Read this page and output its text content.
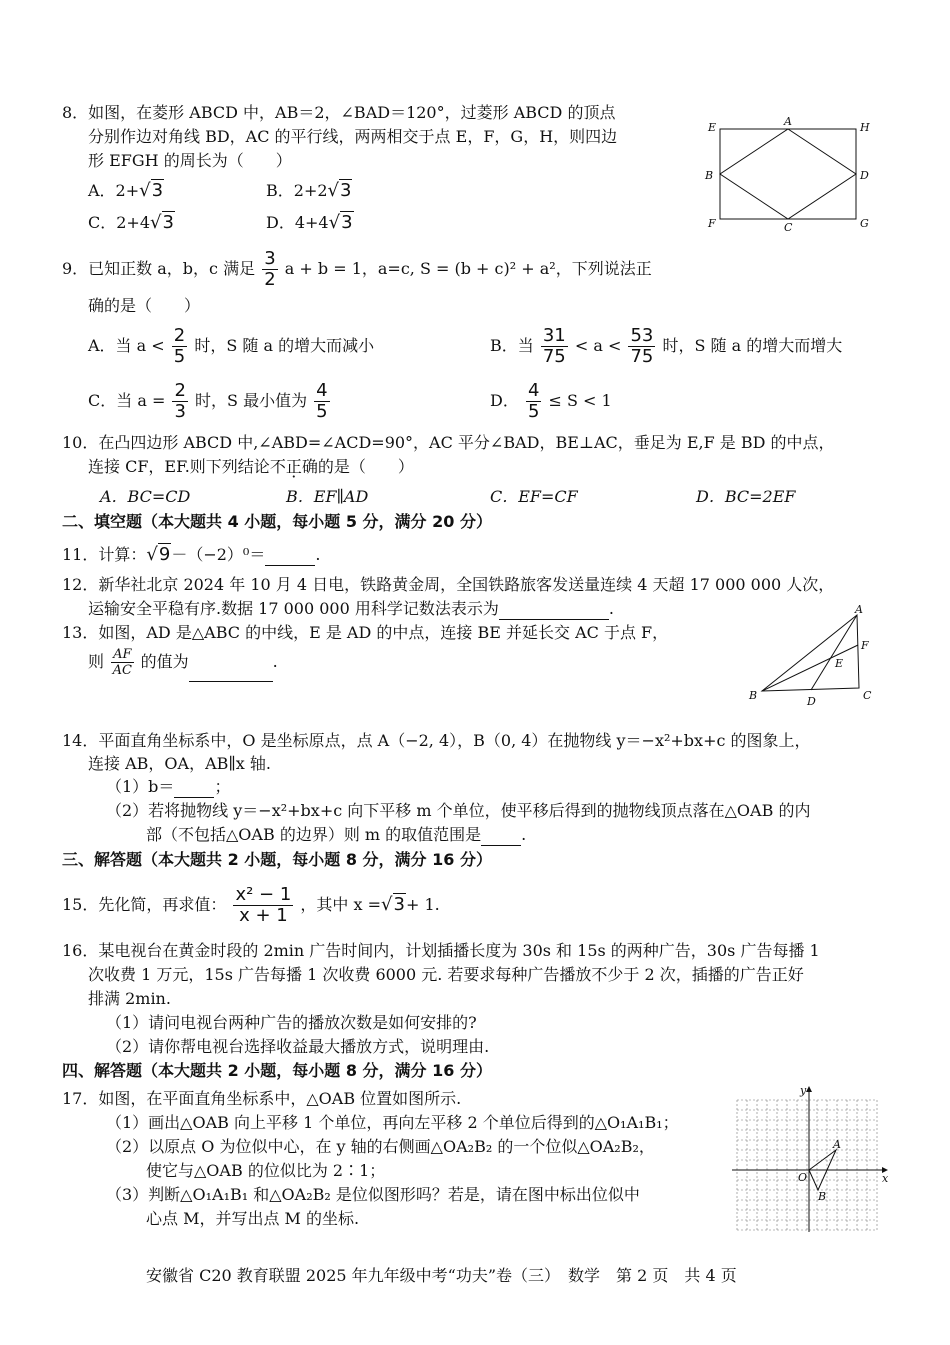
8．如图，在菱形 ABCD 中，AB＝2，∠BAD＝120°，过菱形 ABCD 的顶点
分别作边对角线 BD，AC 的平行线，两两相交于点 E，F，G，H，则四边
形 EFGH 的周长为（　　）
A．2+√3	B．2+2√3
C．2+4√3	D．4+4√3
E	A	H
B	D
F	C	G
9．已知正数 a，b，c 满足 $\frac{3}{2}$ a + b = 1，a=c, S = (b + c)² + a²，下列说法正
确的是（　　）
A．当 $a < \frac{2}{5}$ 时，S 随 a 的增大而减小	B．当 $\frac{31}{75} < a < \frac{53}{75}$ 时，S 随 a 的增大而增大
C．当 $a = \frac{2}{3}$ 时，S 最小值为 $\frac{4}{5}$	D． $\frac{4}{5} \le S < 1$
10．在凸四边形 ABCD 中,∠ABD=∠ACD=90°，AC 平分∠BAD，BE⊥AC，垂足为 E,F 是 BD 的中点，
连接 CF，EF.则下列结论不正确的是（　　）
A．BC=CD	B．EF∥AD	C．EF=CF	D．BC=2EF
二、填空题（本大题共 4 小题，每小题 5 分，满分 20 分）
11．计算：√9－（−2）⁰＝	.
12．新华社北京 2024 年 10 月 4 日电，铁路黄金周，全国铁路旅客发送量连续 4 天超 17 000 000 人次，
运输安全平稳有序.数据 17 000 000 用科学记数法表示为	.
13．如图，AD 是△ABC 的中线，E 是 AD 的中点，连接 BE 并延长交 AC 于点 F，
则 $\frac{AF}{AC}$ 的值为	.
A
F
E
B	D	C
14．平面直角坐标系中，O 是坐标原点，点 A（−2, 4），B（0, 4）在抛物线 y＝−x²+bx+c 的图象上，
连接 AB，OA，AB∥x 轴.
（1）b＝	；
（2）若将抛物线 y＝−x²+bx+c 向下平移 m 个单位，使平移后得到的抛物线顶点落在△OAB 的内
部（不包括△OAB 的边界）则 m 的取值范围是	.
三、解答题（本大题共 2 小题，每小题 8 分，满分 16 分）
15．先化简，再求值： $\frac{\text{x² − 1}}{x + 1}$ ，其中 x =√3+ 1.
16．某电视台在黄金时段的 2min 广告时间内，计划插播长度为 30s 和 15s 的两种广告，30s 广告每播 1
次收费 1 万元，15s 广告每播 1 次收费 6000 元. 若要求每种广告播放不少于 2 次，插播的广告正好
排满 2min.
（1）请问电视台两种广告的播放次数是如何安排的?
（2）请你帮电视台选择收益最大播放方式，说明理由.
四、解答题（本大题共 2 小题，每小题 8 分，满分 16 分）
17．如图，在平面直角坐标系中，△OAB 位置如图所示.
（1）画出△OAB 向上平移 1 个单位，再向左平移 2 个单位后得到的△O₁A₁B₁；
（2）以原点 O 为位似中心，在 y 轴的右侧画△OA₂B₂ 的一个位似△OA₂B₂，
使它与△OAB 的位似比为 2∶1；
（3）判断△O₁A₁B₁ 和△OA₂B₂ 是位似图形吗？若是，请在图中标出位似中
心点 M，并写出点 M 的坐标.
y
x
O
A
B
安徽省 C20 教育联盟 2025 年九年级中考“功夫”卷（三）　数学　第 2 页　共 4 页
